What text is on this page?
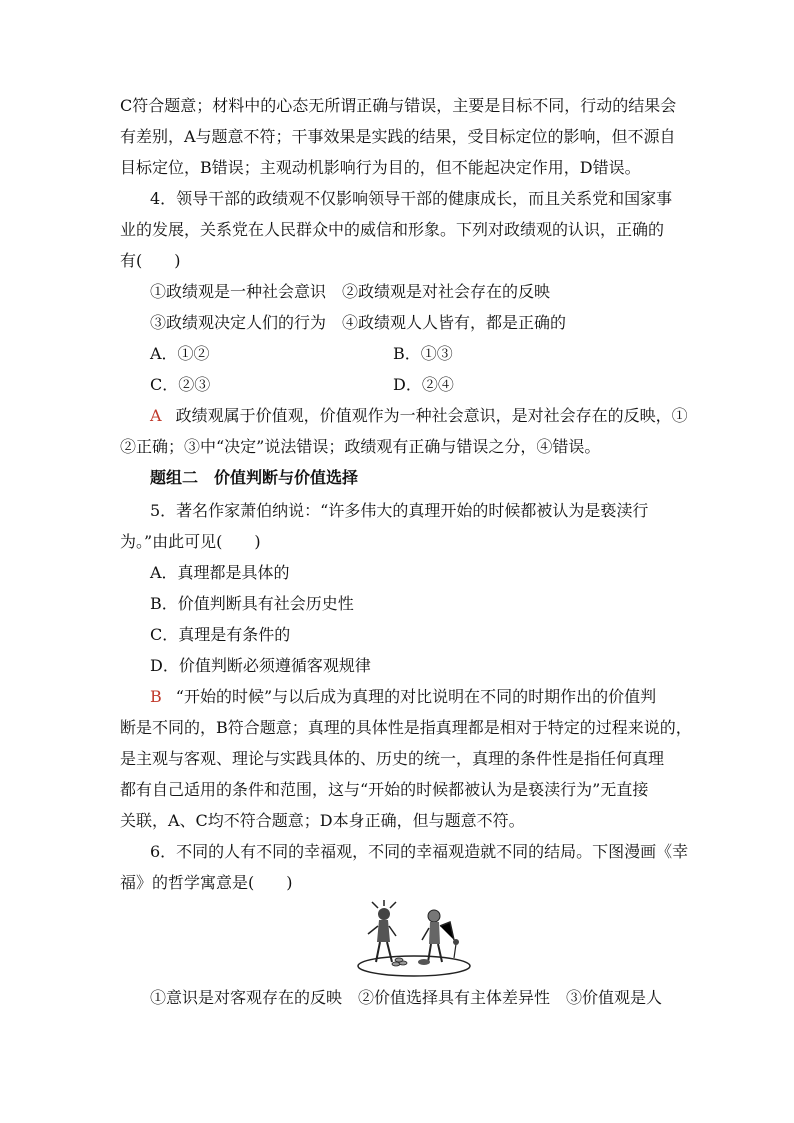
C符合题意；材料中的心态无所谓正确与错误，主要是目标不同，行动的结果会
有差别，A与题意不符；干事效果是实践的结果，受目标定位的影响，但不源自
目标定位，B错误；主观动机影响行为目的，但不能起决定作用，D错误。
4．领导干部的政绩观不仅影响领导干部的健康成长，而且关系党和国家事
业的发展，关系党在人民群众中的威信和形象。下列对政绩观的认识，正确的
有(　　)
①政绩观是一种社会意识　②政绩观是对社会存在的反映
③政绩观决定人们的行为　④政绩观人人皆有，都是正确的
A．①②	B．①③
C．②③	D．②④
A 政绩观属于价值观，价值观作为一种社会意识，是对社会存在的反映，①
②正确；③中“决定”说法错误；政绩观有正确与错误之分，④错误。
题组二　价值判断与价值选择
5．著名作家萧伯纳说：“许多伟大的真理开始的时候都被认为是亵渎行
为。”由此可见(　　)
A．真理都是具体的
B．价值判断具有社会历史性
C．真理是有条件的
D．价值判断必须遵循客观规律
B “开始的时候”与以后成为真理的对比说明在不同的时期作出的价值判
断是不同的，B符合题意；真理的具体性是指真理都是相对于特定的过程来说的，
是主观与客观、理论与实践具体的、历史的统一，真理的条件性是指任何真理
都有自己适用的条件和范围，这与“开始的时候都被认为是亵渎行为”无直接
关联，A、C均不符合题意；D本身正确，但与题意不符。
6．不同的人有不同的幸福观，不同的幸福观造就不同的结局。下图漫画《幸
福》的哲学寓意是(　　)
①意识是对客观存在的反映　②价值选择具有主体差异性　③价值观是人
